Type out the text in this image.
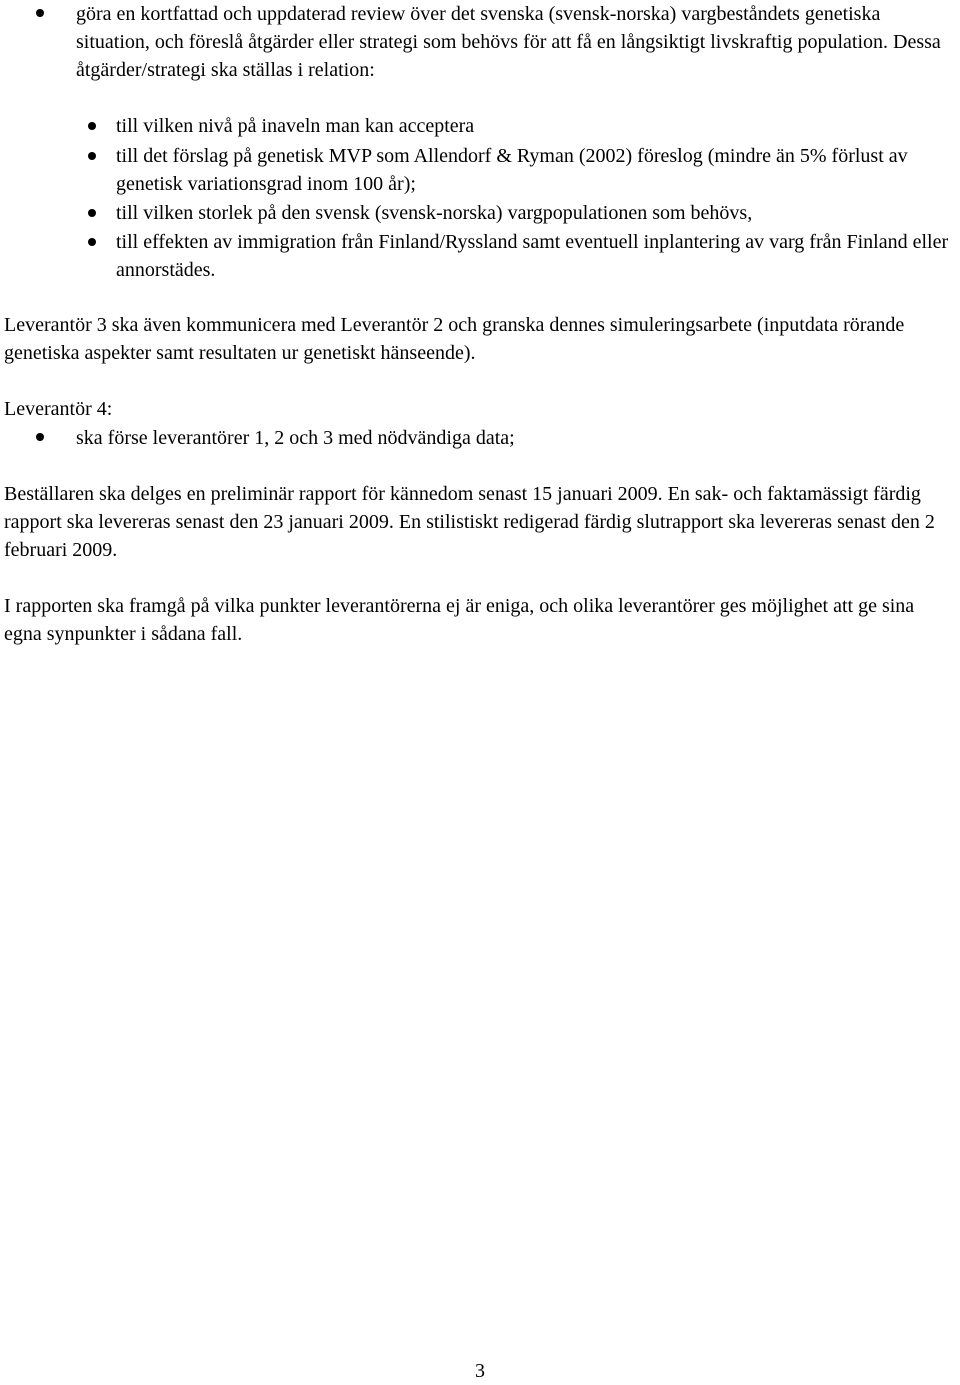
göra en kortfattad och uppdaterad review över det svenska (svensk-norska) vargbeståndets genetiska situation, och föreslå åtgärder eller strategi som behövs för att få en långsiktigt livskraftig population. Dessa åtgärder/strategi ska ställas i relation:

till vilken nivå på inaveln man kan acceptera

till det förslag på genetisk MVP som Allendorf & Ryman (2002) föreslog (mindre än 5% förlust av genetisk variationsgrad inom 100 år);

till vilken storlek på den svensk (svensk-norska) vargpopulationen som behövs,

till effekten av immigration från Finland/Ryssland samt eventuell inplantering av varg från Finland eller annorstädes.

Leverantör 3 ska även kommunicera med Leverantör 2 och granska dennes simuleringsarbete (inputdata rörande genetiska aspekter samt resultaten ur genetiskt hänseende).

Leverantör 4:

ska förse leverantörer 1, 2 och 3 med nödvändiga data;

Beställaren ska delges en preliminär rapport för kännedom senast 15 januari 2009. En sak- och faktamässigt färdig rapport ska levereras senast den 23 januari 2009. En stilistiskt redigerad färdig slutrapport ska levereras senast den 2 februari 2009.

I rapporten ska framgå på vilka punkter leverantörerna ej är eniga, och olika leverantörer ges möjlighet att ge sina egna synpunkter i sådana fall.

3
